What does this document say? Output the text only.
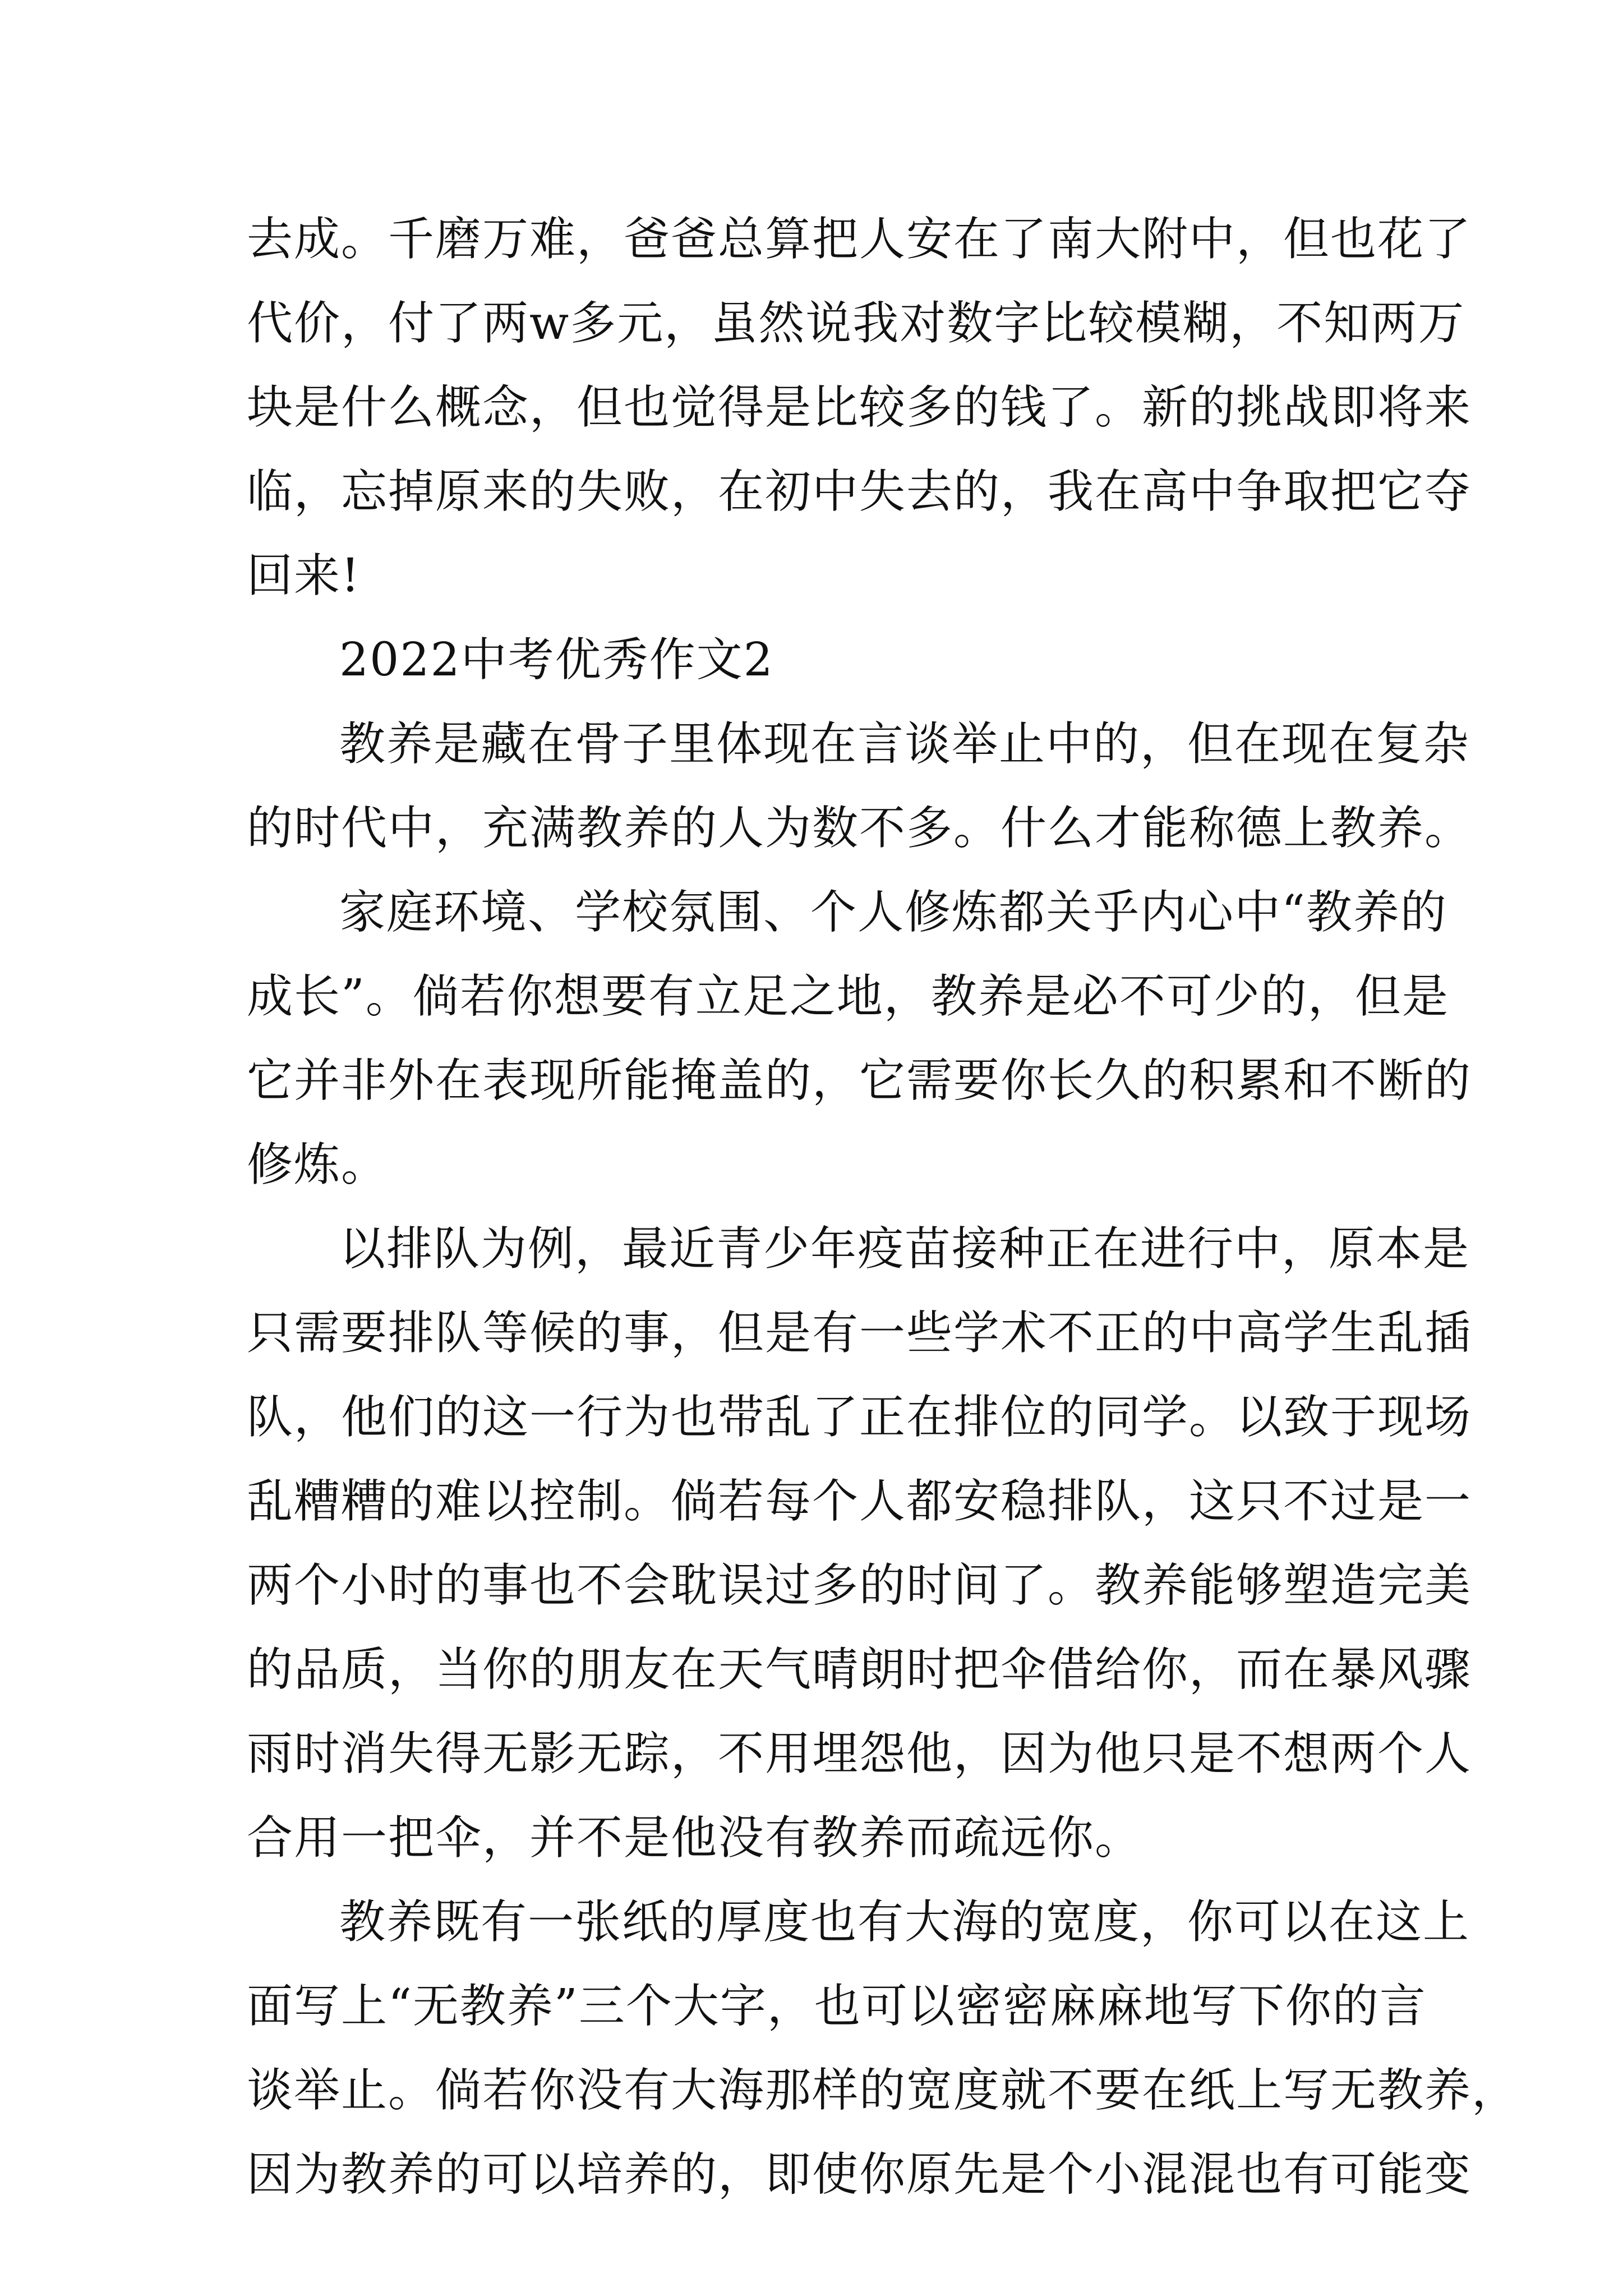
去成。千磨万难，爸爸总算把人安在了南大附中，但也花了
代价，付了两w多元，虽然说我对数字比较模糊，不知两万
块是什么概念，但也觉得是比较多的钱了。新的挑战即将来
临，忘掉原来的失败，在初中失去的，我在高中争取把它夺
回来!
2022中考优秀作文2
教养是藏在骨子里体现在言谈举止中的，但在现在复杂
的时代中，充满教养的人为数不多。什么才能称德上教养。
家庭环境、学校氛围、个人修炼都关乎内心中“教养的
成长”。倘若你想要有立足之地，教养是必不可少的，但是
它并非外在表现所能掩盖的，它需要你长久的积累和不断的
修炼。
以排队为例，最近青少年疫苗接种正在进行中，原本是
只需要排队等候的事，但是有一些学术不正的中高学生乱插
队，他们的这一行为也带乱了正在排位的同学。以致于现场
乱糟糟的难以控制。倘若每个人都安稳排队，这只不过是一
两个小时的事也不会耽误过多的时间了。教养能够塑造完美
的品质，当你的朋友在天气晴朗时把伞借给你，而在暴风骤
雨时消失得无影无踪，不用埋怨他，因为他只是不想两个人
合用一把伞，并不是他没有教养而疏远你。
教养既有一张纸的厚度也有大海的宽度，你可以在这上
面写上“无教养”三个大字，也可以密密麻麻地写下你的言
谈举止。倘若你没有大海那样的宽度就不要在纸上写无教养，
因为教养的可以培养的，即使你原先是个小混混也有可能变
